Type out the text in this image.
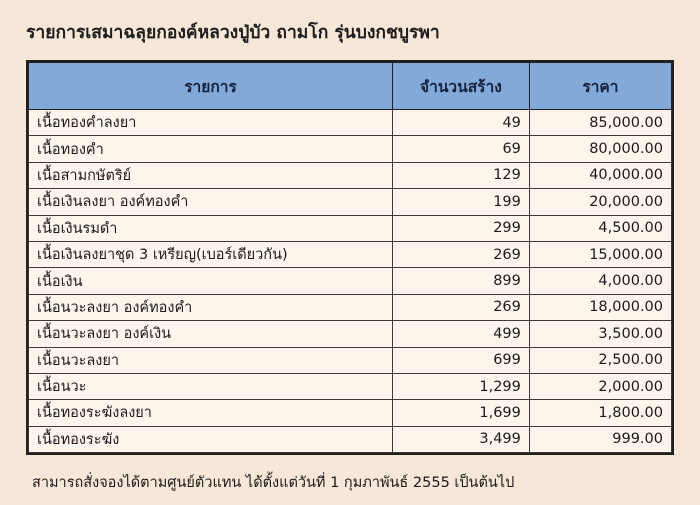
รายการเสมาฉลุยกองค์หลวงปู่บัว ถามโก รุ่นบงกชบูรพา
รายการ	จำนวนสร้าง	ราคา
เนื้อทองคำลงยา	49	85,000.00
เนื้อทองคำ	69	80,000.00
เนื้อสามกษัตริย์	129	40,000.00
เนื้อเงินลงยา องค์ทองคำ	199	20,000.00
เนื้อเงินรมดำ	299	4,500.00
เนื้อเงินลงยาชุด 3 เหรียญ(เบอร์เดียวกัน)	269	15,000.00
เนื้อเงิน	899	4,000.00
เนื้อนวะลงยา องค์ทองคำ	269	18,000.00
เนื้อนวะลงยา องค์เงิน	499	3,500.00
เนื้อนวะลงยา	699	2,500.00
เนื้อนวะ	1,299	2,000.00
เนื้อทองระฆังลงยา	1,699	1,800.00
เนื้อทองระฆัง	3,499	999.00
สามารถสั่งจองได้ตามศูนย์ตัวแทน ได้ตั้งแต่วันที่ 1 กุมภาพันธ์ 2555 เป็นต้นไป
